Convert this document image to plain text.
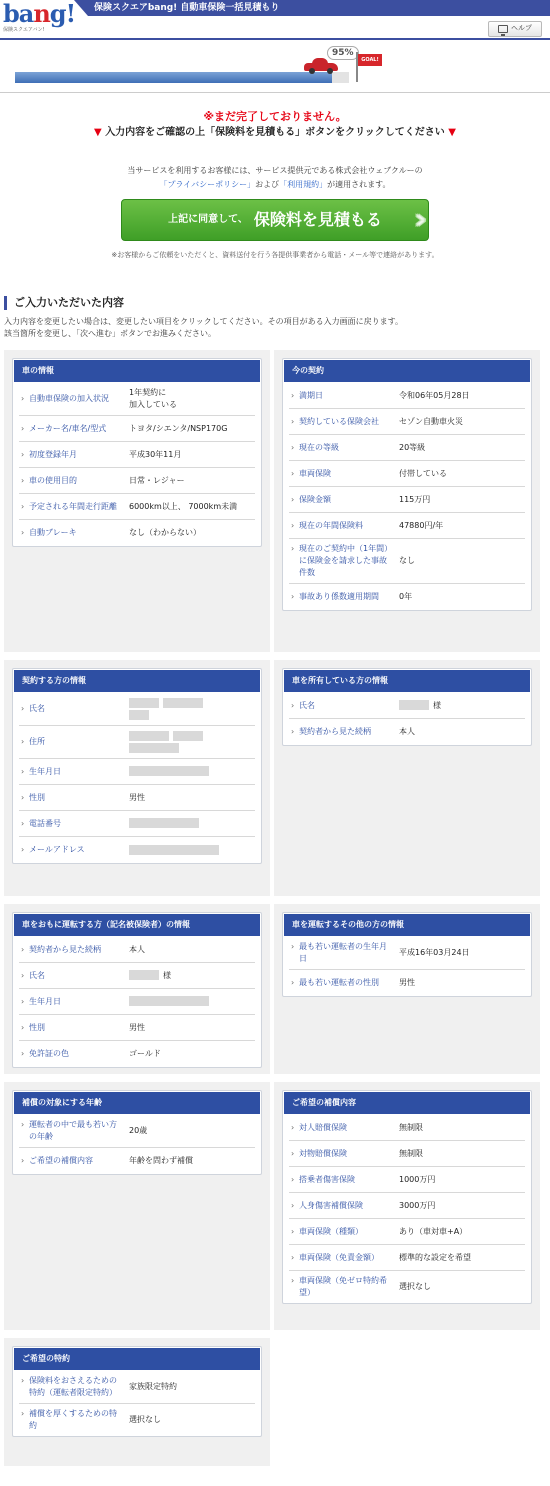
bang!
保険スクエアバン!
保険スクエアbang! 自動車保険一括見積もり
ヘルプ
95%
GOAL!
※まだ完了しておりません。
▼ 入力内容をご確認の上「保険料を見積もる」ボタンをクリックしてください ▼
当サービスを利用するお客様には、サービス提供元である株式会社ウェブクルーの
「プライバシーポリシー」および「利用規約」が適用されます。
上記に同意して、 保険料を見積もる
※お客様からご依頼をいただくと、資料送付を行う各提供事業者から電話・メール等で連絡があります。
ご入力いただいた内容
入力内容を変更したい場合は、変更したい項目をクリックしてください。その項目がある入力画面に戻ります。
該当箇所を変更し、「次へ進む」ボタンでお進みください。
車の情報
› 自動車保険の加入状況
1年契約に
加入している
› メーカー名/車名/型式	トヨタ/シエンタ/NSP170G
› 初度登録年月	平成30年11月
› 車の使用目的	日常・レジャー
› 予定される年間走行距離	6000km以上、 7000km未満
› 自動ブレーキ	なし（わからない）
今の契約
› 満期日	令和06年05月28日
› 契約している保険会社	セゾン自動車火災
› 現在の等級	20等級
› 車両保険	付帯している
› 保険金額	115万円
› 現在の年間保険料	47880円/年
› 現在のご契約中（1年間）に保険金を請求した事故件数
なし
› 事故あり係数適用期間	0年
契約する方の情報
› 氏名
› 住所
› 生年月日
› 性別	男性
› 電話番号
› メールアドレス
車を所有している方の情報
› 氏名	様
› 契約者から見た続柄	本人
車をおもに運転する方（記名被保険者）の情報
› 契約者から見た続柄	本人
› 氏名	様
› 生年月日
› 性別	男性
› 免許証の色	ゴールド
車を運転するその他の方の情報
› 最も若い運転者の生年月日
平成16年03月24日
› 最も若い運転者の性別	男性
補償の対象にする年齢
› 運転者の中で最も若い方の年齢
20歳
› ご希望の補償内容	年齢を問わず補償
ご希望の補償内容
› 対人賠償保険	無制限
› 対物賠償保険	無制限
› 搭乗者傷害保険	1000万円
› 人身傷害補償保険	3000万円
› 車両保険（種類）	あり（車対車+A）
› 車両保険（免責金額）	標準的な設定を希望
› 車両保険（免ゼロ特約希望）
選択なし
ご希望の特約
› 保険料をおさえるための特約（運転者限定特約）
家族限定特約
› 補償を厚くするための特約
選択なし
